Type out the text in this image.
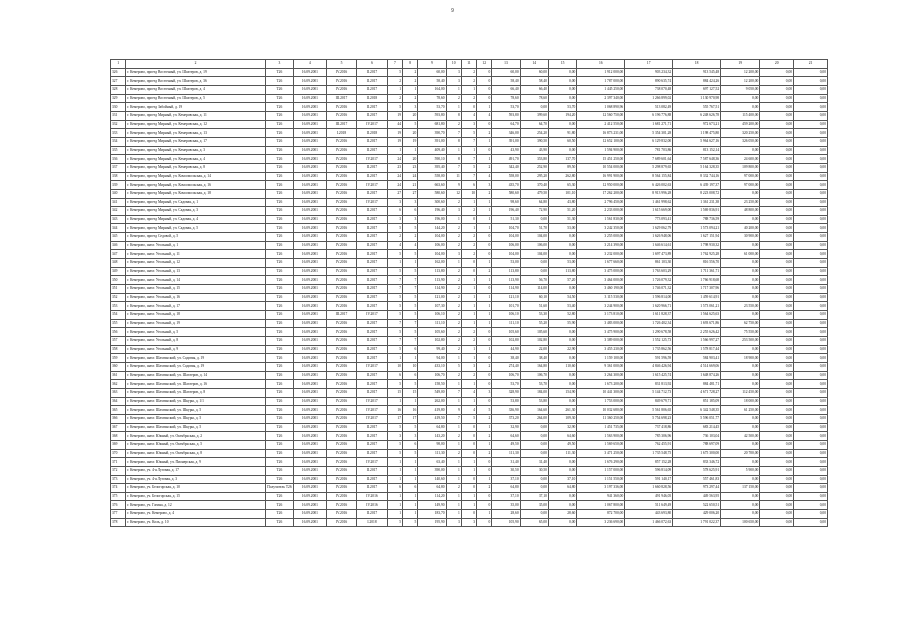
9
1	2	3	4	5	6	7	8	9	10	11	12	13	14	15	16	17	18	19	20	21
326	г. Кемерово, проезд Восточный, уч. Шахтеров, д. 19	Т26	16.09.2001	IV.2016	II.2017	5	2	60,00	3	2	0	60,00	60,00	0,00	1 912 000,00	903 234,32	913 545,48	12 200,00	0,00	0,00
327	г. Кемерово, проезд Восточный, уч. Шахтеров, д. 36	Т26	16.09.2001	IV.2016	II.2017	2	2	58,40	3	2	0	58,40	58,40	0,00	1 787 000,00	890 635,74	884 424,26	12 200,00	0,00	0,00
328	г. Кемерово, проезд Восточный, уч. Шахтеров, д. 4	Т26	16.09.2001	IV.2016	II.2017	1	1	164,00	1	1	0	66,40	66,40	0,00	1 445 250,00	738 070,48	697 127,52	9 050,00	0,00	0,00
329	г. Кемерово, проезд Восточный, уч. Шахтеров, д. 5	Т26	16.09.2001	III.2017	II.2018	2	2	78,60	2	2	0	78,60	78,60	0,00	2 397 340,00	1 266 899,02	1 130 970,98	0,00	0,00	0,00
330	г. Кемерово, проезд Забойный, д. 19	Т26	16.09.2001	IV.2016	II.2017	5	3	53,70	1	0	1	53,70	0,00	53,70	1 068 890,96	513 082,49	555 767,51	0,00	0,00	0,00
331	г. Кемерово, проезд Мирный, уч. Кемеровская, д. 11	Т26	16.09.2001	IV.2016	II.2017	19	20	593,80	8	4	4	593,80	399,60	194,20	12 560 750,00	6 196 776,88	6 248 626,78	115 400,00	0,00	0,00
332	г. Кемерово, проезд Мирный, уч. Кемеровская, д. 12	Т26	16.09.2001	III.2017	IV.2017	44	5	681,80	2	3	0	64,70	64,70	0,00	2 412 550,00	1 681 271,71	972 673,21	459 200,00	0,00	0,00
333	г. Кемерово, проезд Мирный, уч. Кемеровская, д. 13	Т26	16.09.2001	I.2018	II.2018	19	20	390,70	7	5	2	346,00	254,20	91,80	16 873 231,00	5 354 301,28	1 198 475,80	320 250,00	0,00	0,00
334	г. Кемерово, проезд Мирный, уч. Кемеровская, д. 17	Т26	16.09.2001	IV.2016	II.2017	19	19	391,00	8	7	1	391,00	390,50	60,50	12 652 100,00	6 129 832,00	5 964 627,16	326 050,00	0,00	0,00
335	г. Кемерово, проезд Мирный, уч. Кемеровская, д. 3	Т26	16.09.2001	IV.2016	II.2017	1	1	409,40	1	1	0	43,90	43,90	0,00	1 594 900,00	781 703,86	813 152,14	0,00	0,00	0,00
336	г. Кемерово, проезд Мирный, уч. Кемеровская, д. 4	Т26	16.09.2001	IV.2016	IV.2017	24	20	590,10	8	7	1	491,70	353,80	137,70	15 451 250,00	7 689 601,64	7 587 648,36	24 600,00	0,00	0,00
337	г. Кемерово, проезд Мирный, уч. Кемеровская, д. 8	Т26	16.09.2001	IV.2016	II.2017	23	23	395,40	7	5	2	342,40	252,90	89,50	10 554 000,00	5 298 879,65	5 164 328,35	109 800,00	0,00	0,00
338	г. Кемерово, проезд Мирный, уч. Комсомольская, д. 14	Т26	16.09.2001	IV.2016	II.2017	24	24	558,00	11	7	4	558,00	295,20	262,80	16 991 900,00	8 564 155,84	8 332 744,16	97 000,00	0,00	0,00
339	г. Кемерово, проезд Мирный, уч. Комсомольская, д. 16	Т26	16.09.2001	IV.2016	IV.2017	24	21	663,60	9	6	3	435,70	370,40	65,30	12 950 000,00	6 426 002,63	6 439 197,37	97 000,00	0,00	0,00
340	г. Кемерово, проезд Мирный, уч. Комсомольская, д. 18	Т26	16.09.2001	IV.2016	II.2017	27	27	580,60	12	10	2	580,60	479,50	101,10	17 262 200,00	8 913 996,28	8 223 008,72	0,00	0,00	0,00
341	г. Кемерово, проезд Мирный, уч. Садовая, д. 1	Т26	16.09.2001	IV.2016	IV.2017	3	3	300,60	2	1	1	98,60	64,80	43,80	2 796 450,00	1 461 998,62	1 361 231,38	23 250,00	0,00	0,00
342	г. Кемерово, проезд Мирный, уч. Садовая, д. 3	Т26	16.09.2001	IV.2016	II.2017	6	6	196,40	3	2	1	196,40	72,90	51,20	2 233 000,00	1 615 669,00	1 569 836,91	48 800,00	0,00	0,00
343	г. Кемерово, проезд Мирный, уч. Садовая, д. 4	Т26	16.09.2001	IV.2016	II.2017	3	3	196,00	1	0	1	51,30	0,00	51,30	1 561 830,00	773 093,41	788 736,59	0,00	0,00	0,00
344	г. Кемерово, проезд Мирный, уч. Садовая, д. 5	Т26	16.09.2001	IV.2016	II.2017	5	5	144,20	2	1	1	104,70	51,70	53,00	3 242 350,00	1 629 062,79	1 573 094,21	40 200,00	0,00	0,00
345	г. Кемерово, проезд Седовой, д. 5	Т26	16.09.2001	IV.2016	II.2017	2	2	104,00	2	2	0	104,00	104,00	0,00	3 255 000,00	1 626 948,06	1 627 151,94	30 900,00	0,00	0,00
346	г. Кемерово, шахт. Угольный, д. 1	Т26	16.09.2001	IV.2016	II.2017	4	4	106,00	2	2	0	106,00	106,00	0,00	3 214 390,00	1 646 614,61	1 798 930,32	0,00	0,00	0,00
347	г. Кемерово, шахт. Угольный, д. 11	Т26	16.09.2001	IV.2016	II.2017	5	5	104,00	3	2	0	104,00	104,00	0,00	3 232 000,00	1 697 473,89	1 762 925,28	61 000,00	0,00	0,00
348	г. Кемерово, шахт. Угольный, д. 12	Т26	16.09.2001	IV.2016	II.2017	1	1	162,00	1	0	1	53,00	0,00	53,00	1 677 660,00	861 103,30	816 556,70	0,00	0,00	0,00
349	г. Кемерово, шахт. Угольный, д. 13	Т26	16.09.2001	IV.2016	II.2017	5	5	113,80	2	0	2	113,80	0,00	113,80	3 475 000,00	1 763 603,29	1 711 361,71	0,00	0,00	0,00
350	г. Кемерово, шахт. Угольный, д. 14	Т26	16.09.2001	IV.2016	II.2017	7	7	113,90	2	1	1	113,90	56,70	57,20	3 464 000,00	1 726 079,32	1 766 918,68	0,00	0,00	0,00
351	г. Кемерово, шахт. Угольный, д. 15	Т26	16.09.2001	IV.2016	II.2017	7	7	114,90	2	1	0	114,90	114,00	0,00	3 460 190,00	1 746 071,32	1 717 307,96	0,00	0,00	0,00
352	г. Кемерово, шахт. Угольный, д. 16	Т26	16.09.2001	IV.2016	II.2017	5	5	121,00	2	1	1	121,10	60,10	54,50	3 115 530,00	1 596 814,00	1 459 614,91	0,00	0,00	0,00
353	г. Кемерово, шахт. Угольный, д. 17	Т26	16.09.2001	IV.2016	II.2017	5	5	107,30	2	1	1	101,70	51,60	53,40	3 244 900,00	1 620 966,71	1 573 061,21	23 550,00	0,00	0,00
354	г. Кемерово, шахт. Угольный, д. 18	Т26	16.09.2001	III.2017	IV.2017	5	5	106,10	2	1	1	106,10	53,30	52,80	3 173 810,00	1 611 828,37	1 564 625,63	0,00	0,00	0,00
355	г. Кемерово, шахт. Угольный, д. 19	Т26	16.09.2001	IV.2016	II.2017	7	7	111,10	2	1	1	111,10	55,20	55,90	3 483 000,00	1 726 402,34	1 693 671,86	62 750,00	0,00	0,00
356	г. Кемерово, шахт. Угольный, д. 5	Т26	16.09.2001	IV.2016	II.2017	5	5	105,60	2	2	0	105,60	105,60	0,00	3 475 900,00	1 290 678,58	2 255 626,42	75 550,00	0,00	0,00
357	г. Кемерово, шахт. Угольный, д. 8	Т26	16.09.2001	IV.2016	II.2017	7	7	102,80	2	2	0	102,80	102,80	0,00	3 389 000,00	1 552 125,73	1 566 997,27	253 500,00	0,00	0,00
358	г. Кемерово, шахт. Угольный, д. 9	Т26	16.09.2001	IV.2016	II.2017	5	6	99,40	2	1	1	44,90	22,00	22,90	3 455 230,00	1 735 862,56	1 578 817,44	0,00	0,00	0,00
359	г. Кемерово, шахт. Шахтинский, уч. Садовая, д. 19	Т26	16.09.2001	IV.2016	II.2017	1	1	94,00	1	1	0	38,40	38,40	0,00	1 159 100,00	591 596,59	584 903,41	18 900,00	0,00	0,00
360	г. Кемерово, шахт. Шахтинский, уч. Садовая, д. 19	Т26	16.09.2001	IV.2016	IV.2017	10	10	433,10	5	3	2	274,40	164,80	110,60	9 361 000,00	4 846 426,94	4 514 669,06	0,00	0,00	0,00
361	г. Кемерово, шахт. Шахтинский, уч. Шахтеров, д. 14	Т26	16.09.2001	IV.2016	II.2017	6	6	106,70	2	2	0	106,70	106,70	0,00	3 264 300,00	1 615 425,74	1 648 874,26	0,00	0,00	0,00
362	г. Кемерово, шахт. Шахтинский, уч. Шахтеров, д. 16	Т26	16.09.2001	IV.2016	II.2017	5	5	158,50	1	1	0	53,70	53,70	0,00	1 673 200,00	831 813,92	884 481,71	0,00	0,00	0,00
363	г. Кемерово, шахт. Шахтинский, уч. Шахтеров, д. 8	Т26	16.09.2001	IV.2016	II.2017	15	15	549,00	7	4	3	328,90	184,00	154,90	10 441 300,00	5 144 712,73	4 671 728,27	112 450,00	0,00	0,00
364	г. Кемерово, шахт. Шахтинский, уч. Шкуры, д. 1/1	Т26	16.09.2001	IV.2016	IV.2017	1	1	262,00	1	1	0	53,80	53,80	0,00	1 753 000,00	849 679,71	851 185,09	18 000,00	0,00	0,00
365	г. Кемерово, шахт. Шахтинский, уч. Шкуры, д. 5	Т26	16.09.2001	IV.2016	IV.2017	16	16	419,80	9	4	5	336,90	164,60	261,30	10 032 680,00	5 561 806,65	6 342 548,35	61 250,00	0,00	0,00
366	г. Кемерово, шахт. Шахтинский, уч. Шкуры, д. 5	Т26	16.09.2001	IV.2016	IV.2017	17	17	419,50	7	5	2	373,20	264,00	109,30	11 360 250,00	5 754 698,23	5 596 051,77	0,00	0,00	0,00
367	г. Кемерово, шахт. Шахтинский, уч. Шкуры, д. 5	Т26	16.09.2001	IV.2016	II.2017	5	5	64,80	1	0	1	32,90	0,00	32,90	1 451 735,00	737 418,86	683 214,45	0,00	0,00	0,00
368	г. Кемерово, шахт. Южный, уч. Октябрьская, д. 2	Т26	16.09.2001	IV.2016	II.2017	3	3	143,20	2	0	2	64,60	0,00	64,60	1 563 900,00	785 306,96	736 103,04	42 500,00	0,00	0,00
369	г. Кемерово, шахт. Южный, уч. Октябрьская, д. 5	Т26	16.09.2001	IV.2016	II.2017	5	6	98,00	1	0	1	49,50	0,00	49,50	1 569 650,00	762 455,91	788 697,09	0,00	0,00	0,00
370	г. Кемерово, шахт. Южный, уч. Октябрьская, д. 8	Т26	16.09.2001	IV.2016	II.2017	5	5	111,30	2	0	2	111,30	0,00	111,30	3 471 250,00	1 735 548,75	1 675 300,00	20 700,00	0,00	0,00
371	г. Кемерово, шахт. Южный, уч. Пионерская, д. 9	Т26	16.09.2001	IV.2016	IV.2017	1	1	63,40	1	1	0	31,40	31,40	0,00	1 676 290,00	857 152,28	833 346,72	0,00	0,00	0,00
372	г. Кемерово, уч. 4-я Луговая, д. 17	Т26	16.09.2001	IV.2016	II.2017	1	1	390,00	1	1	0	30,50	30,50	0,00	1 157 000,00	596 814,09	578 625,91	5 900,00	0,00	0,00
373	г. Кемерово, уч. 4-я Луговая, д. 3	Т26	16.09.2001	IV.2016	II.2017	1	1	140,60	1	0	1	37,10	0,00	37,10	1 151 550,00	591 140,17	557 461,83	0,00	0,00	0,00
374	г. Кемерово, уч. Белогорская, д. 10	Получатель Т26	16.09.2001	IV.2016	II.2017	6	6	64,80	2	0	2	64,80	0,00	64,80	3 197 336,00	1 660 828,56	973 297,44	137 150,00	0,00	0,00
375	г. Кемерово, уч. Белогорская, д. 15	Т26	16.09.2001	IV.2016	IV.2016	1	1	114,20	1	1	0	37,10	37,10	0,00	941 360,00	491 946,05	449 563,95	0,00	0,00	0,00
376	г. Кемерово, уч. Гагина, д. 12	Т26	16.09.2001	IV.2016	IV.2016	1	1	149,90	1	1	0	35,00	35,00	0,00	1 067 800,00	511 649,49	522 650,51	0,00	0,00	0,00
377	г. Кемерово, уч. Кемерово, д. 4	Т26	16.09.2001	IV.2016	II.2017	1	1	183,70	1	0	1	28,60	0,00	28,60	872 700,00	443 693,80	429 006,20	0,00	0,00	0,00
378	г. Кемерово, уч. Коль, д. 10	Т26	16.09.2001	IV.2016	I.2018	5	5	195,90	3	3	0	105,90	65,00	0,00	3 236 690,00	1 466 072,63	1 791 022,37	100 650,00	0,00	0,00
